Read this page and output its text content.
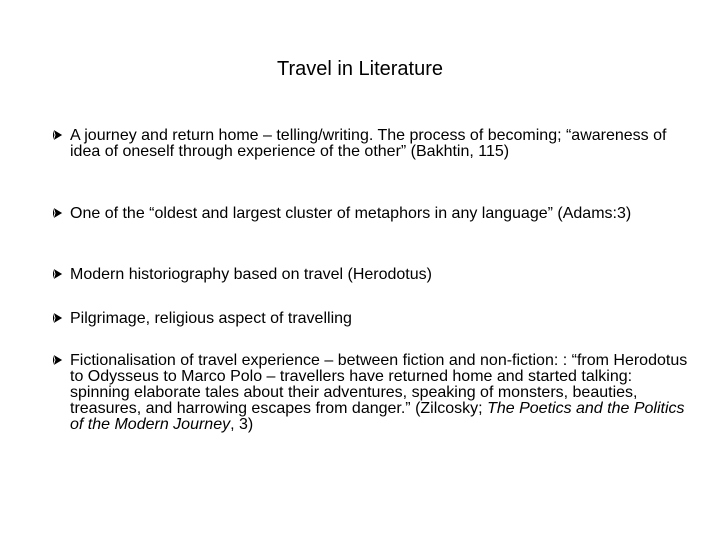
Travel in Literature
A journey and return home – telling/writing. The process of becoming; “awareness of idea of oneself through experience of the other” (Bakhtin, 115)
One of the “oldest and largest cluster of metaphors in any language” (Adams:3)
Modern historiography based on travel (Herodotus)
Pilgrimage, religious aspect of travelling
Fictionalisation of travel experience – between fiction and non-fiction: : “from Herodotus to Odysseus to Marco Polo – travellers have returned home and started talking: spinning elaborate tales about their adventures, speaking of monsters, beauties, treasures, and harrowing escapes from danger.” (Zilcosky; The Poetics and the Politics of the Modern Journey, 3)
